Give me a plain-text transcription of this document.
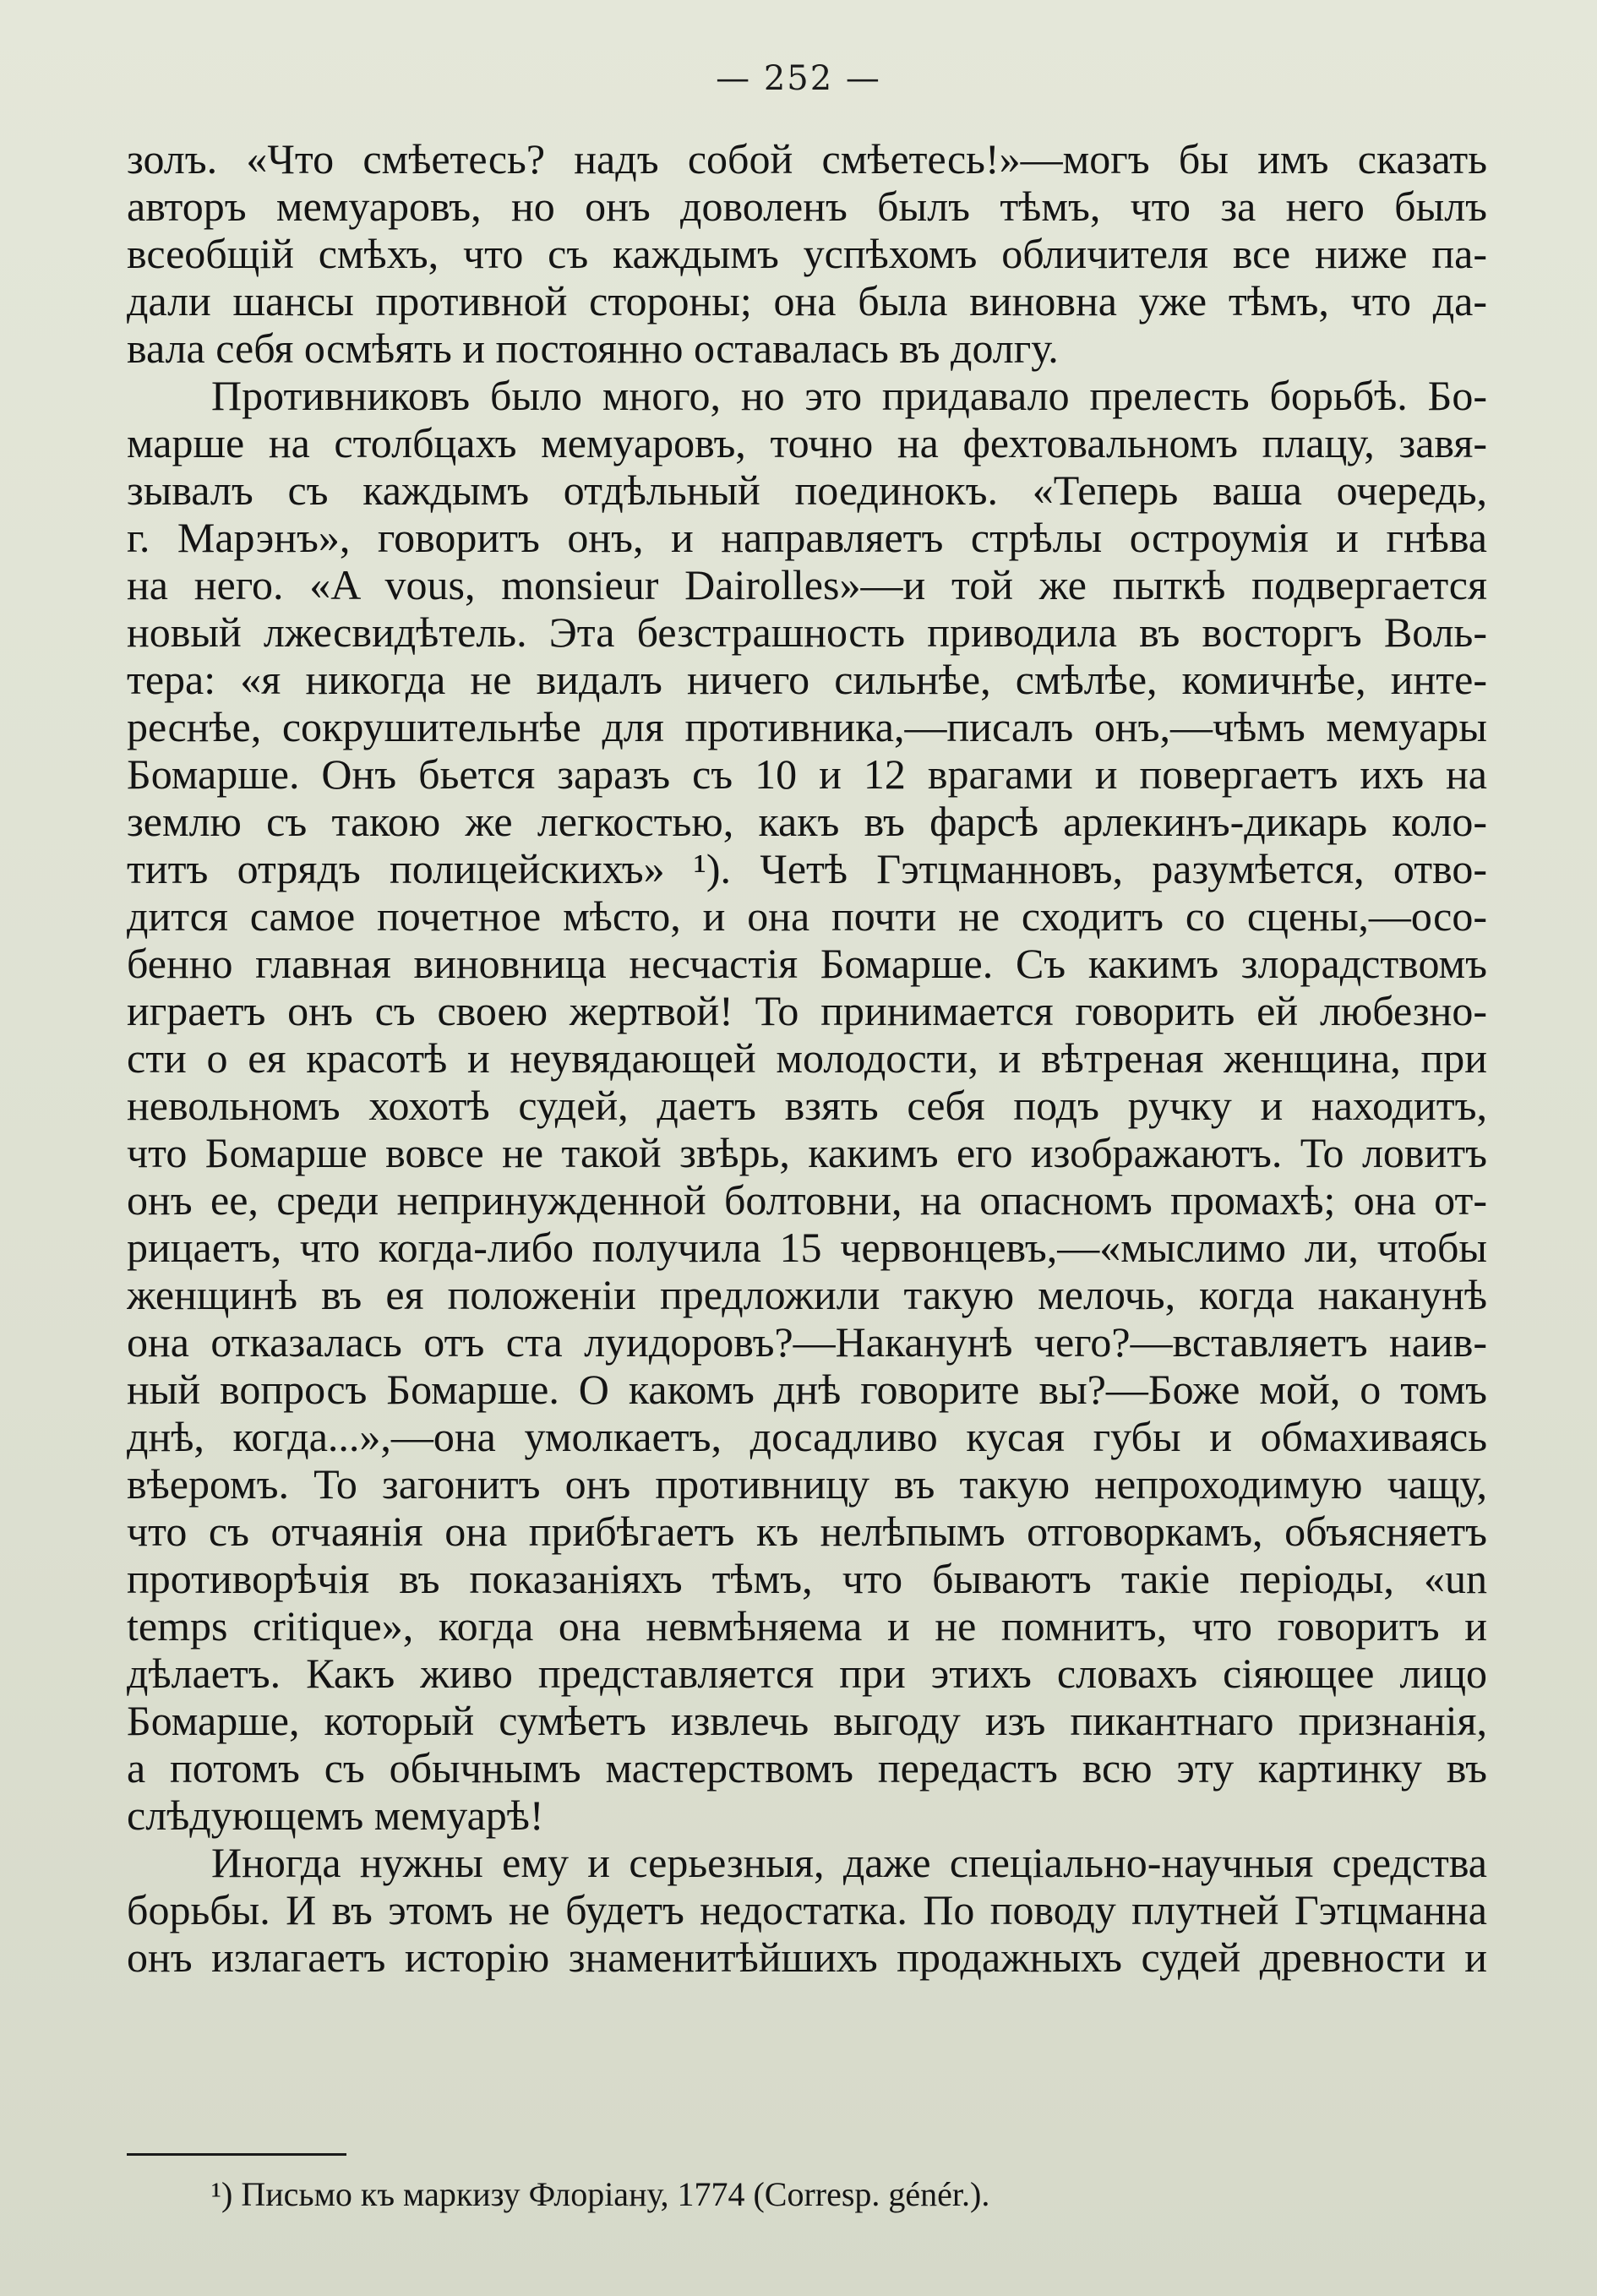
— 252 —
золъ. «Что смѣетесь? надъ собой смѣетесь!»—могъ бы имъ сказать
авторъ мемуаровъ, но онъ доволенъ былъ тѣмъ, что за него былъ
всеобщій смѣхъ, что съ каждымъ успѣхомъ обличителя все ниже па-
дали шансы противной стороны; она была виновна уже тѣмъ, что да-
вала себя осмѣять и постоянно оставалась въ долгу.
Противниковъ было много, но это придавало прелесть борьбѣ. Бо-
марше на столбцахъ мемуаровъ, точно на фехтовальномъ плацу, завя-
зывалъ съ каждымъ отдѣльный поединокъ. «Теперь ваша очередь,
г. Марэнъ», говоритъ онъ, и направляетъ стрѣлы остроумія и гнѣва
на него. «A vous, monsieur Dairolles»—и той же пыткѣ подвергается
новый лжесвидѣтель. Эта безстрашность приводила въ восторгъ Воль-
тера: «я никогда не видалъ ничего сильнѣе, смѣлѣе, комичнѣе, инте-
реснѣе, сокрушительнѣе для противника,—писалъ онъ,—чѣмъ мемуары
Бомарше. Онъ бьется заразъ съ 10 и 12 врагами и повергаетъ ихъ на
землю съ такою же легкостью, какъ въ фарсѣ арлекинъ-дикарь коло-
титъ отрядъ полицейскихъ» ¹). Четѣ Гэтцманновъ, разумѣется, отво-
дится самое почетное мѣсто, и она почти не сходитъ со сцены,—осо-
бенно главная виновница несчастія Бомарше. Съ какимъ злорадствомъ
играетъ онъ съ своею жертвой! То принимается говорить ей любезно-
сти о ея красотѣ и неувядающей молодости, и вѣтреная женщина, при
невольномъ хохотѣ судей, даетъ взять себя подъ ручку и находитъ,
что Бомарше вовсе не такой звѣрь, какимъ его изображаютъ. То ловитъ
онъ ее, среди непринужденной болтовни, на опасномъ промахѣ; она от-
рицаетъ, что когда-либо получила 15 червонцевъ,—«мыслимо ли, чтобы
женщинѣ въ ея положеніи предложили такую мелочь, когда наканунѣ
она отказалась отъ ста луидоровъ?—Наканунѣ чего?—вставляетъ наив-
ный вопросъ Бомарше. О какомъ днѣ говорите вы?—Боже мой, о томъ
днѣ, когда...»,—она умолкаетъ, досадливо кусая губы и обмахиваясь
вѣеромъ. То загонитъ онъ противницу въ такую непроходимую чащу,
что съ отчаянія она прибѣгаетъ къ нелѣпымъ отговоркамъ, объясняетъ
противорѣчія въ показаніяхъ тѣмъ, что бываютъ такіе періоды, «un
temps critique», когда она невмѣняема и не помнитъ, что говоритъ и
дѣлаетъ. Какъ живо представляется при этихъ словахъ сіяющее лицо
Бомарше, который сумѣетъ извлечь выгоду изъ пикантнаго признанія,
а потомъ съ обычнымъ мастерствомъ передастъ всю эту картинку въ
слѣдующемъ мемуарѣ!
Иногда нужны ему и серьезныя, даже спеціально-научныя средства
борьбы. И въ этомъ не будетъ недостатка. По поводу плутней Гэтцманна
онъ излагаетъ исторію знаменитѣйшихъ продажныхъ судей древности и
¹) Письмо къ маркизу Флоріану, 1774 (Corresp. génér.).
